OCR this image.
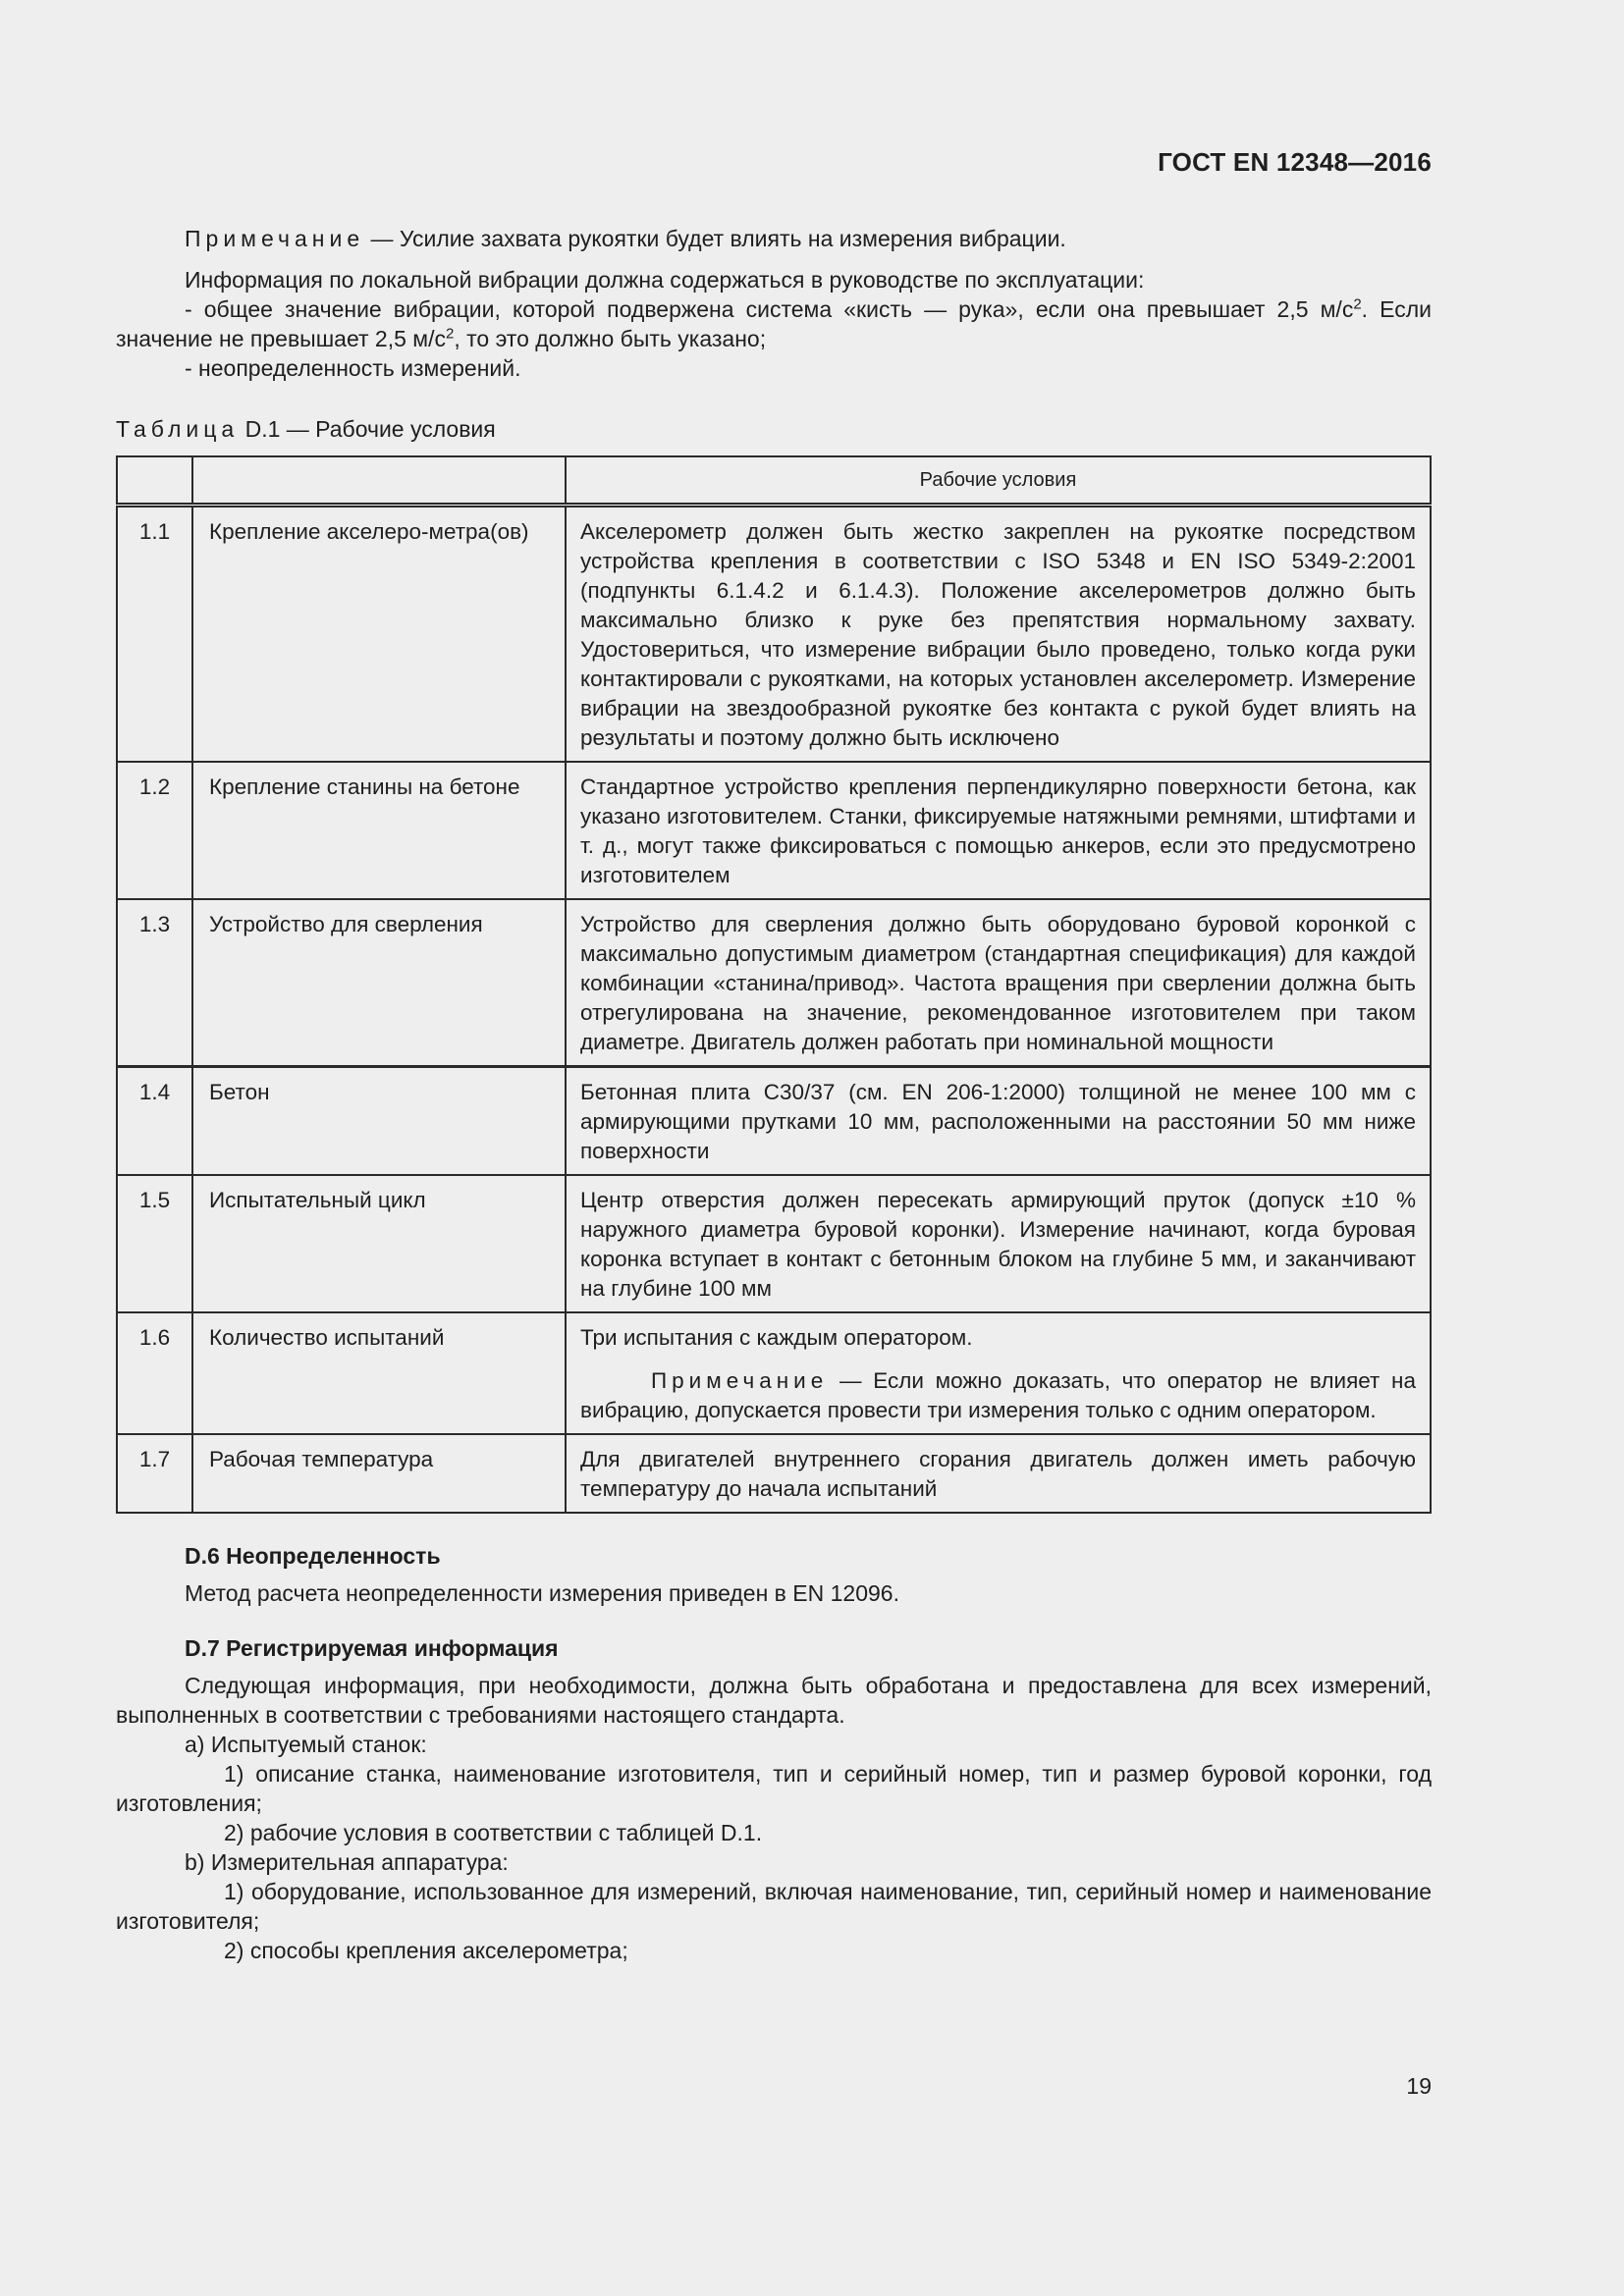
ГОСТ EN 12348—2016

Примечание — Усилие захвата рукоятки будет влиять на измерения вибрации.

Информация по локальной вибрации должна содержаться в руководстве по эксплуатации:

- общее значение вибрации, которой подвержена система «кисть — рука», если она превышает 2,5 $м/с^2$. Если значение не превышает 2,5 $м/с^2$, то это должно быть указано;

- неопределенность измерений.

Таблица D.1 — Рабочие условия

		Рабочие условия
1.1	Крепление акселеро-метра(ов)	Акселерометр должен быть жестко закреплен на рукоятке посредством устройства крепления в соответствии с ISO 5348 и EN ISO 5349-2:2001 (подпункты 6.1.4.2 и 6.1.4.3). Положение акселерометров должно быть максимально близко к руке без препятствия нормальному захвату. Удостовериться, что измерение вибрации было проведено, только когда руки контактировали с рукоятками, на которых установлен акселерометр. Измерение вибрации на звездообразной рукоятке без контакта с рукой будет влиять на результаты и поэтому должно быть исключено
1.2	Крепление станины на бетоне	Стандартное устройство крепления перпендикулярно поверхности бетона, как указано изготовителем. Станки, фиксируемые натяжными ремнями, штифтами и т. д., могут также фиксироваться с помощью анкеров, если это предусмотрено изготовителем
1.3	Устройство для сверления	Устройство для сверления должно быть оборудовано буровой коронкой с максимально допустимым диаметром (стандартная спецификация) для каждой комбинации «станина/привод». Частота вращения при сверлении должна быть отрегулирована на значение, рекомендованное изготовителем при таком диаметре. Двигатель должен работать при номинальной мощности
1.4	Бетон	Бетонная плита С30/37 (см. EN 206-1:2000) толщиной не менее 100 мм с армирующими прутками 10 мм, расположенными на расстоянии 50 мм ниже поверхности
1.5	Испытательный цикл	Центр отверстия должен пересекать армирующий пруток (допуск ±10 % наружного диаметра буровой коронки). Измерение начинают, когда буровая коронка вступает в контакт с бетонным блоком на глубине 5 мм, и заканчивают на глубине 100 мм
1.6	Количество испытаний	Три испытания с каждым оператором.
Примечание — Если можно доказать, что оператор не влияет на вибрацию, допускается провести три измерения только с одним оператором.

1.7	Рабочая температура	Для двигателей внутреннего сгорания двигатель должен иметь рабочую температуру до начала испытаний

D.6 Неопределенность

Метод расчета неопределенности измерения приведен в EN 12096.

D.7 Регистрируемая информация

Следующая информация, при необходимости, должна быть обработана и предоставлена для всех измерений, выполненных в соответствии с требованиями настоящего стандарта.

а) Испытуемый станок:

1) описание станка, наименование изготовителя, тип и серийный номер, тип и размер буровой коронки, год изготовления;

2) рабочие условия в соответствии с таблицей D.1.

b) Измерительная аппаратура:

1) оборудование, использованное для измерений, включая наименование, тип, серийный номер и наименование изготовителя;

2) способы крепления акселерометра;

19
